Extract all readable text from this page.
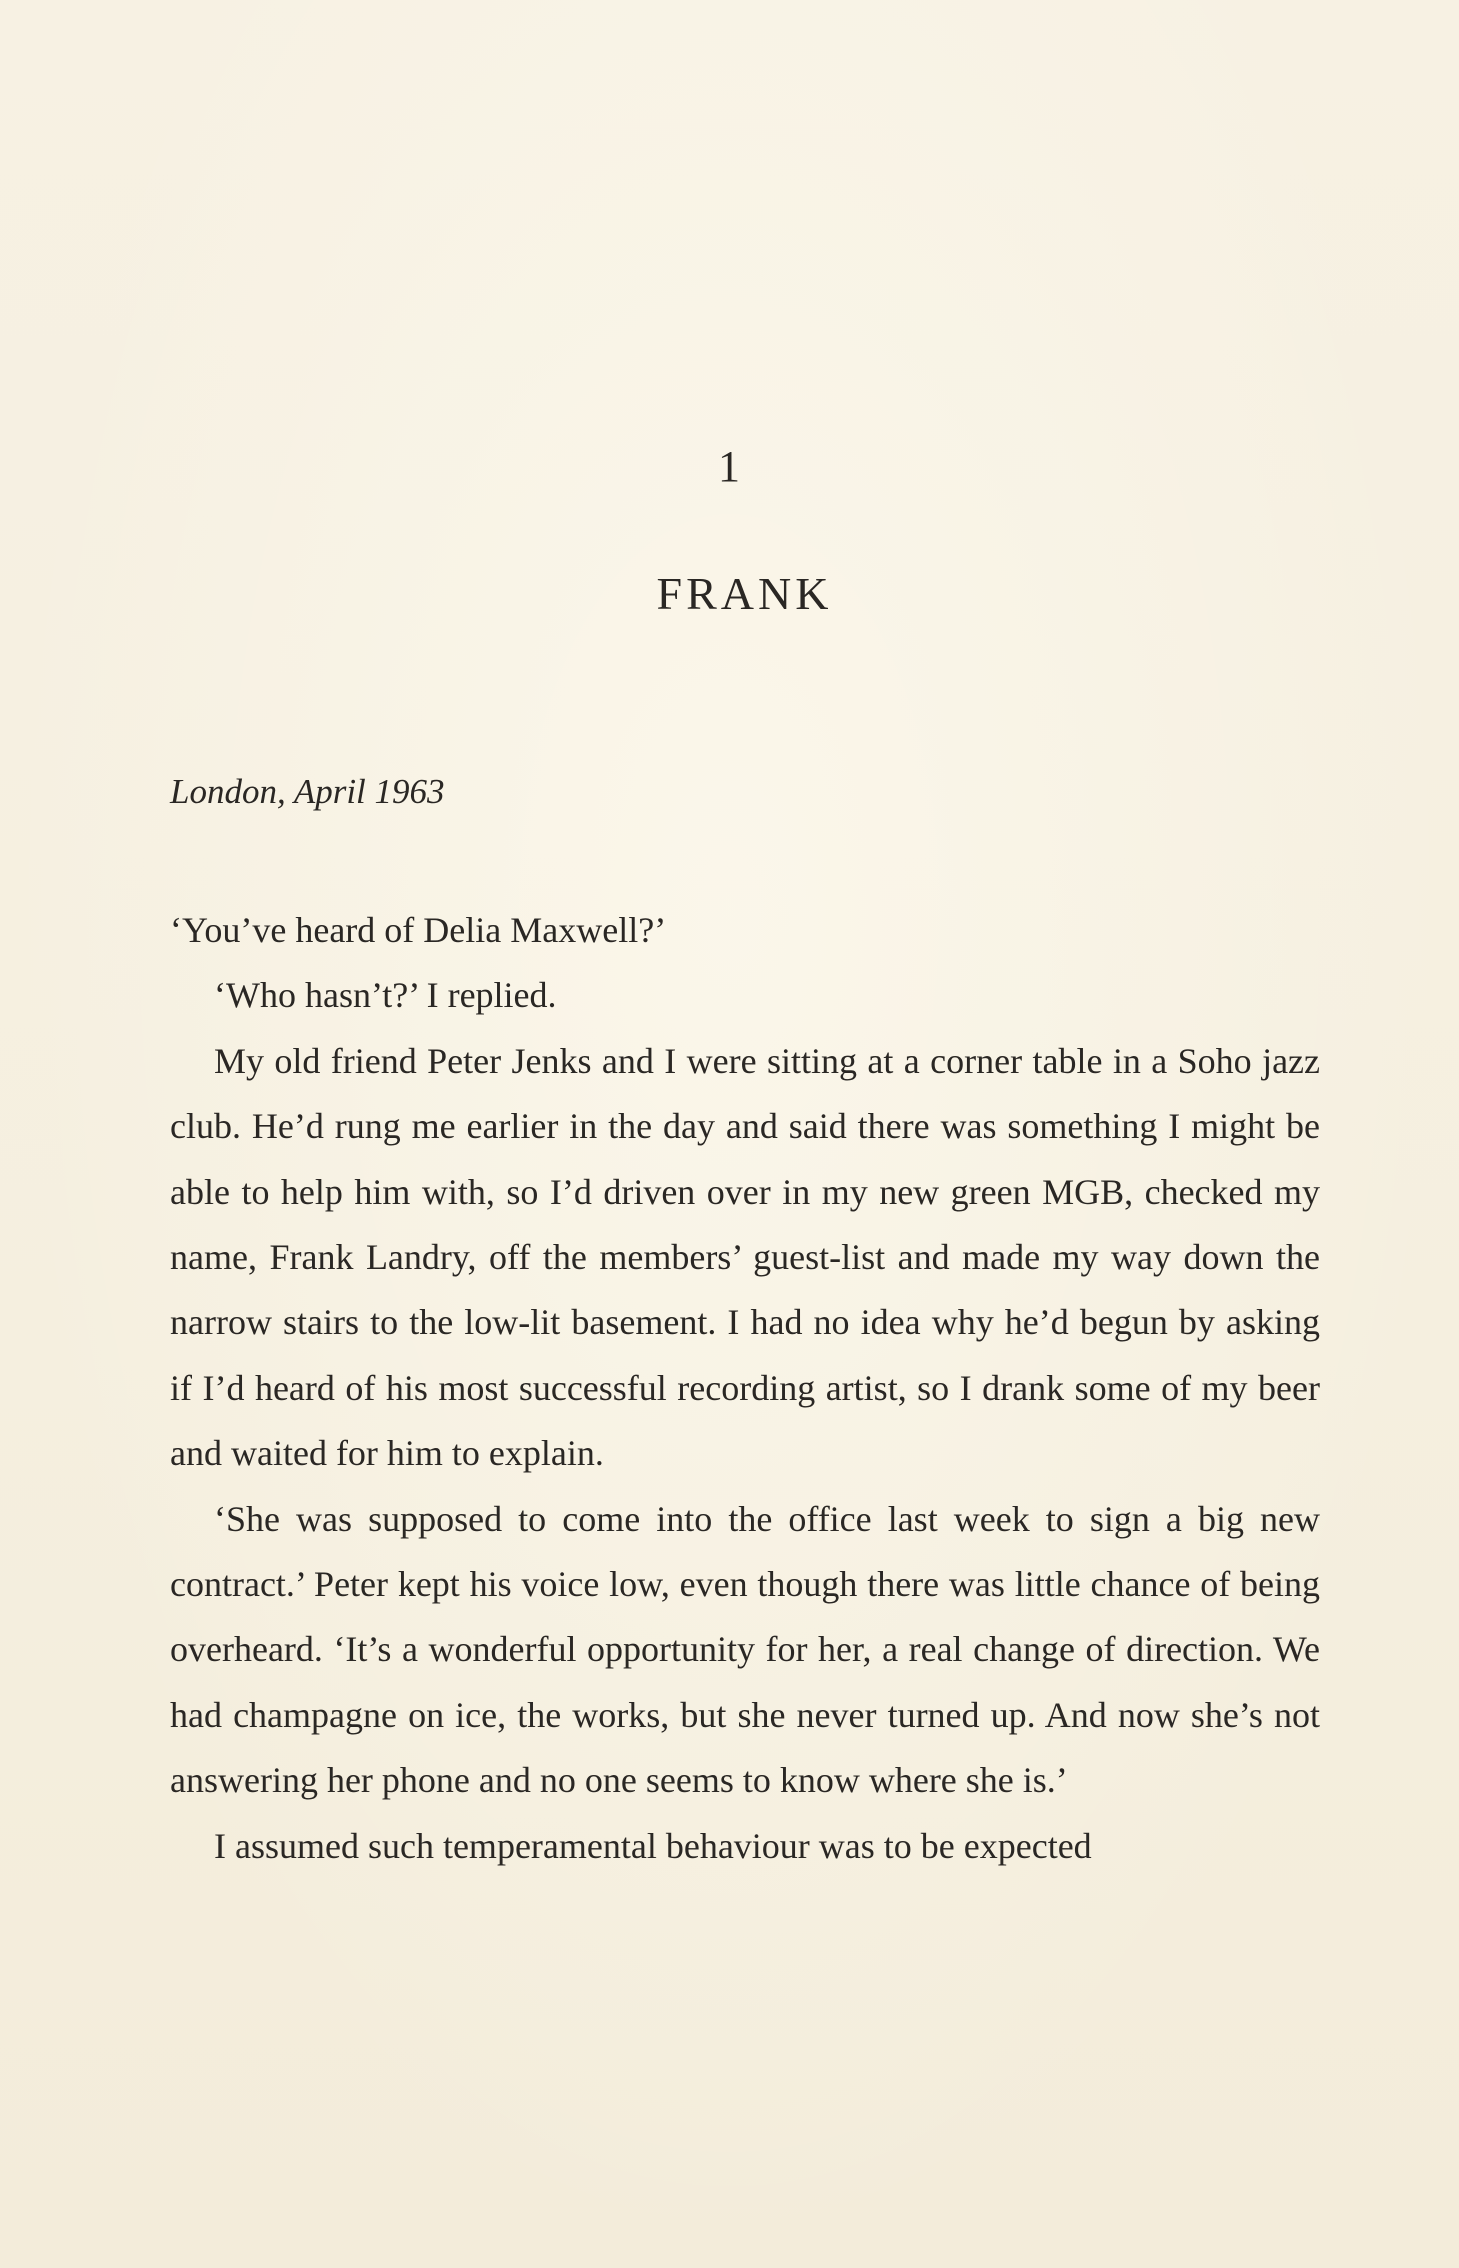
1
FRANK
London, April 1963

‘You’ve heard of Delia Maxwell?’

‘Who hasn’t?’ I replied.

My old friend Peter Jenks and I were sitting at a corner table in a Soho jazz club. He’d rung me earlier in the day and said there was something I might be able to help him with, so I’d driven over in my new green MGB, checked my name, Frank Landry, off the members’ guest-list and made my way down the narrow stairs to the low-lit basement. I had no idea why he’d begun by asking if I’d heard of his most successful recording artist, so I drank some of my beer and waited for him to explain.

‘She was supposed to come into the office last week to sign a big new contract.’ Peter kept his voice low, even though there was little chance of being overheard. ‘It’s a wonderful opportunity for her, a real change of direction. We had champagne on ice, the works, but she never turned up. And now she’s not answering her phone and no one seems to know where she is.’

I assumed such temperamental behaviour was to be expected
